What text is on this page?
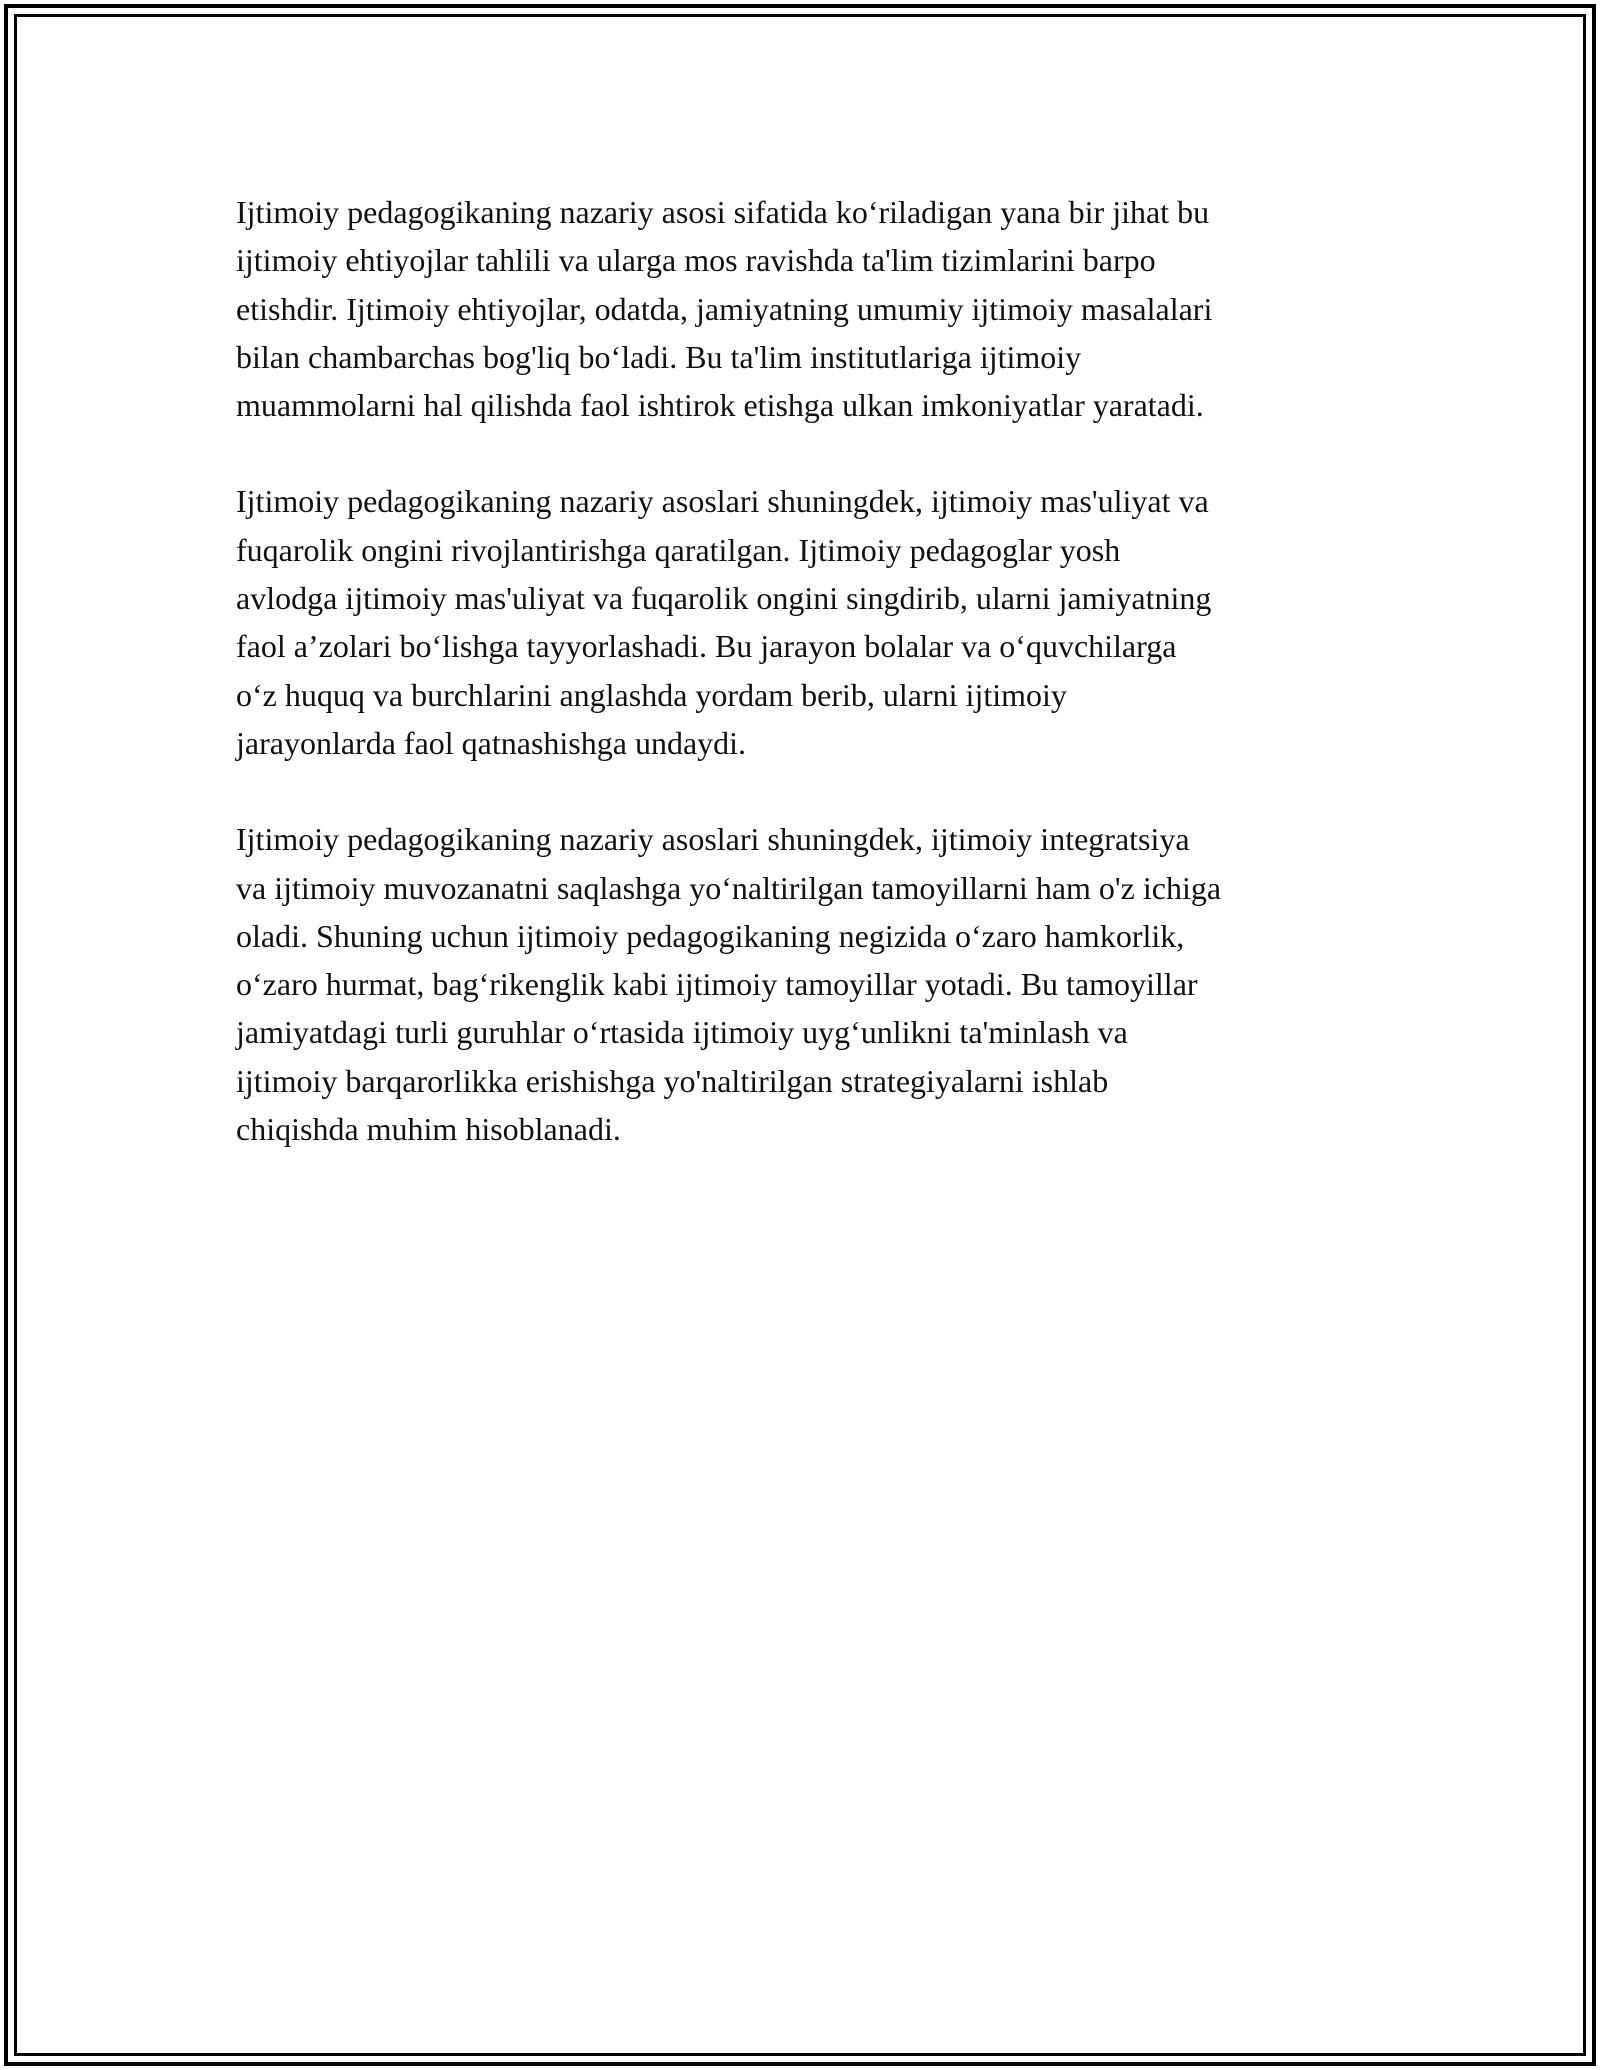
Ijtimoiy pedagogikaning nazariy asosi sifatida ko‘riladigan yana bir jihat bu
ijtimoiy ehtiyojlar tahlili va ularga mos ravishda ta'lim tizimlarini barpo
etishdir. Ijtimoiy ehtiyojlar, odatda, jamiyatning umumiy ijtimoiy masalalari
bilan chambarchas bog'liq bo‘ladi. Bu ta'lim institutlariga ijtimoiy
muammolarni hal qilishda faol ishtirok etishga ulkan imkoniyatlar yaratadi.

Ijtimoiy pedagogikaning nazariy asoslari shuningdek, ijtimoiy mas'uliyat va
fuqarolik ongini rivojlantirishga qaratilgan. Ijtimoiy pedagoglar yosh
avlodga ijtimoiy mas'uliyat va fuqarolik ongini singdirib, ularni jamiyatning
faol a’zolari bo‘lishga tayyorlashadi. Bu jarayon bolalar va o‘quvchilarga
o‘z huquq va burchlarini anglashda yordam berib, ularni ijtimoiy
jarayonlarda faol qatnashishga undaydi.

Ijtimoiy pedagogikaning nazariy asoslari shuningdek, ijtimoiy integratsiya
va ijtimoiy muvozanatni saqlashga yo‘naltirilgan tamoyillarni ham o'z ichiga
oladi. Shuning uchun ijtimoiy pedagogikaning negizida o‘zaro hamkorlik,
o‘zaro hurmat, bag‘rikenglik kabi ijtimoiy tamoyillar yotadi. Bu tamoyillar
jamiyatdagi turli guruhlar o‘rtasida ijtimoiy uyg‘unlikni ta'minlash va
ijtimoiy barqarorlikka erishishga yo'naltirilgan strategiyalarni ishlab
chiqishda muhim hisoblanadi.
